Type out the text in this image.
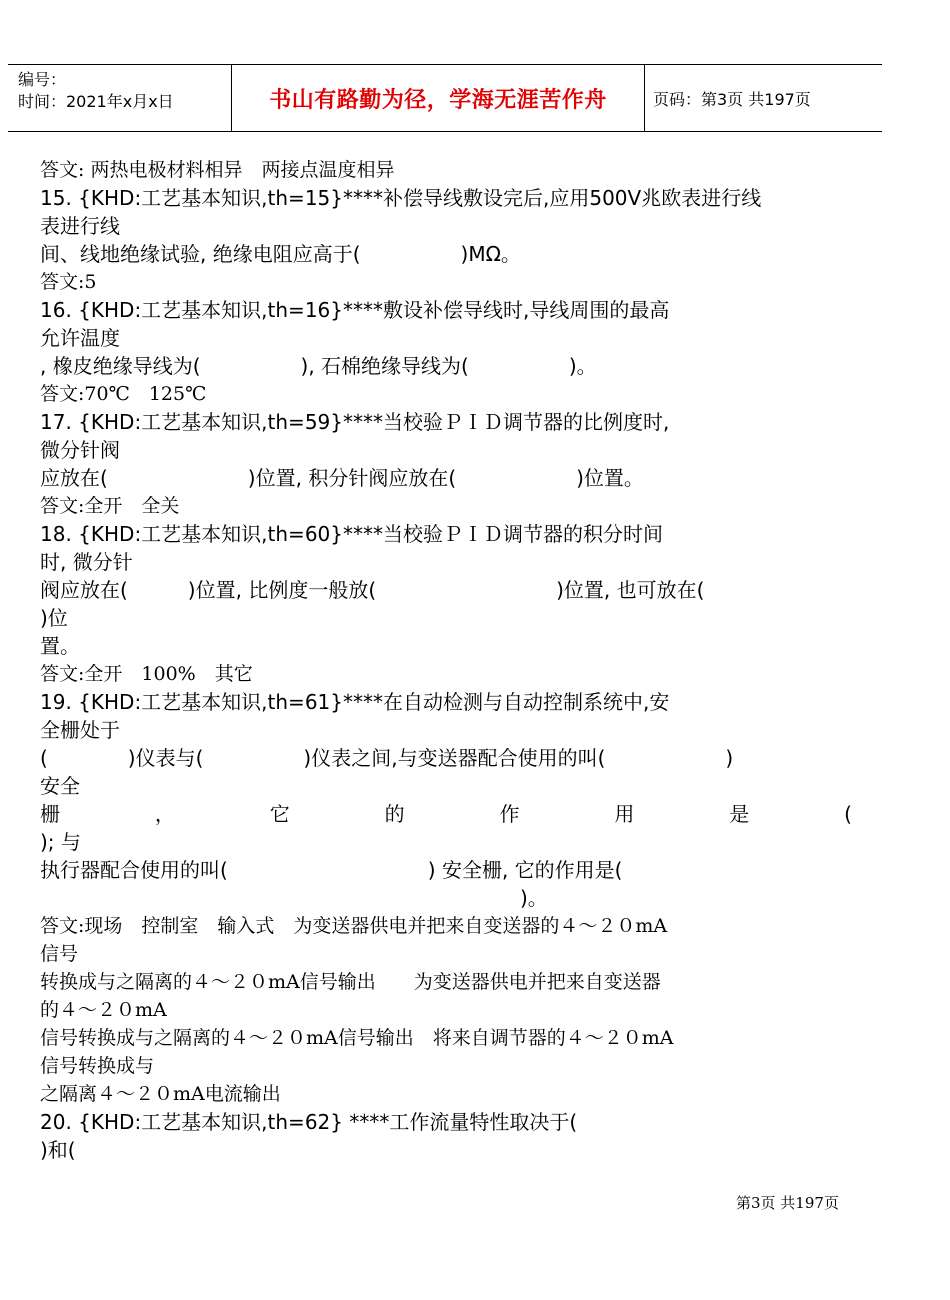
编号：
时间：2021年x月x日	书山有路勤为径，学海无涯苦作舟	页码：第3页 共197页
答文: 两热电极材料相异　两接点温度相异
15. {KHD:工艺基本知识,th=15}****补偿导线敷设完后,应用500V兆欧表进行线
表进行线
间、线地绝缘试验, 绝缘电阻应高于(　　　　　)MΩ。
答文:5
16. {KHD:工艺基本知识,th=16}****敷设补偿导线时,导线周围的最高
允许温度
, 橡皮绝缘导线为(　　　　　), 石棉绝缘导线为(　　　　　)。
答文:70℃　125℃
17. {KHD:工艺基本知识,th=59}****当校验ＰＩＤ调节器的比例度时,
微分针阀
应放在(　　　　　　　)位置, 积分针阀应放在(　　　　　　)位置。
答文:全开　全关
18. {KHD:工艺基本知识,th=60}****当校验ＰＩＤ调节器的积分时间
时, 微分针
阀应放在(　　　)位置, 比例度一般放(　　　　　　　　　)位置, 也可放在(
)位
置。
答文:全开　100%　其它
19. {KHD:工艺基本知识,th=61}****在自动检测与自动控制系统中,安
全栅处于
(　　　　)仪表与(　　　　　)仪表之间,与变送器配合使用的叫(　　　　　　)
安全
栅	，	它	的	作	用	是	(
); 与
执行器配合使用的叫(　　　　　　　　　　) 安全栅, 它的作用是(
　　　　　　　　　　　　　　　　　　　　　　　　)。
答文:现场　控制室　输入式　为变送器供电并把来自变送器的４～２０mA
信号
转换成与之隔离的４～２０mA信号输出　　为变送器供电并把来自变送器
的４～２０mA
信号转换成与之隔离的４～２０mA信号输出　将来自调节器的４～２０mA
信号转换成与
之隔离４～２０mA电流输出
20. {KHD:工艺基本知识,th=62} ****工作流量特性取决于(
)和(
第3页 共197页
